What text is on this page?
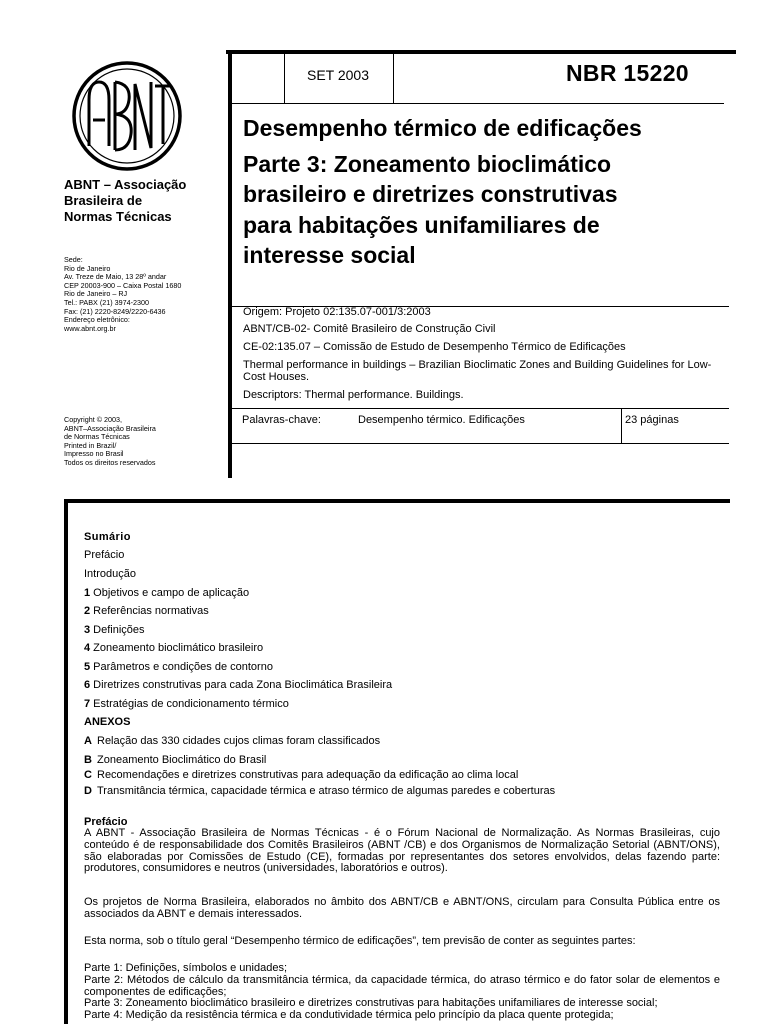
ABNT – Associação
Brasileira de
Normas Técnicas
Sede:
Rio de Janeiro
Av. Treze de Maio, 13 28º andar
CEP 20003-900 – Caixa Postal 1680
Rio de Janeiro – RJ
Tel.: PABX (21) 3974-2300
Fax: (21) 2220-8249/2220-6436
Endereço eletrônico:
www.abnt.org.br
Copyright © 2003,
ABNT–Associação Brasileira
de Normas Técnicas
Printed in Brazil/
Impresso no Brasil
Todos os direitos reservados
SET 2003	NBR 15220
Desempenho térmico de edificações
Parte 3: Zoneamento bioclimático
brasileiro e diretrizes construtivas
para habitações unifamiliares de
interesse social
Origem: Projeto 02:135.07-001/3:2003
ABNT/CB-02- Comitê Brasileiro de Construção Civil
CE-02:135.07 – Comissão de Estudo de Desempenho Térmico de Edificações
Thermal performance in buildings – Brazilian Bioclimatic Zones and Building Guidelines for Low-Cost Houses.
Descriptors: Thermal performance. Buildings.
Palavras-chave:	Desempenho térmico. Edificações	23 páginas
Sumário
Prefácio
Introdução
1 Objetivos e campo de aplicação
2 Referências normativas
3 Definições
4 Zoneamento bioclimático brasileiro
5 Parâmetros e condições de contorno
6 Diretrizes construtivas para cada Zona Bioclimática Brasileira
7 Estratégias de condicionamento térmico
ANEXOS
A Relação das 330 cidades cujos climas foram classificados
B Zoneamento Bioclimático do Brasil
C Recomendações e diretrizes construtivas para adequação da edificação ao clima local
D Transmitância térmica, capacidade térmica e atraso térmico de algumas paredes e coberturas
Prefácio
A ABNT - Associação Brasileira de Normas Técnicas - é o Fórum Nacional de Normalização. As Normas Brasileiras, cujo conteúdo é de responsabilidade dos Comitês Brasileiros (ABNT /CB) e dos Organismos de Normalização Setorial (ABNT/ONS), são elaboradas por Comissões de Estudo (CE), formadas por representantes dos setores envolvidos, delas fazendo parte: produtores, consumidores e neutros (universidades, laboratórios e outros).
Os projetos de Norma Brasileira, elaborados no âmbito dos ABNT/CB e ABNT/ONS, circulam para Consulta Pública entre os associados da ABNT e demais interessados.
Esta norma, sob o título geral “Desempenho térmico de edificações”, tem previsão de conter as seguintes partes:
Parte 1: Definições, símbolos e unidades;
Parte 2: Métodos de cálculo da transmitância térmica, da capacidade térmica, do atraso térmico e do fator solar de elementos e componentes de edificações;
Parte 3: Zoneamento bioclimático brasileiro e diretrizes construtivas para habitações unifamiliares de interesse social;
Parte 4: Medição da resistência térmica e da condutividade térmica pelo princípio da placa quente protegida;
